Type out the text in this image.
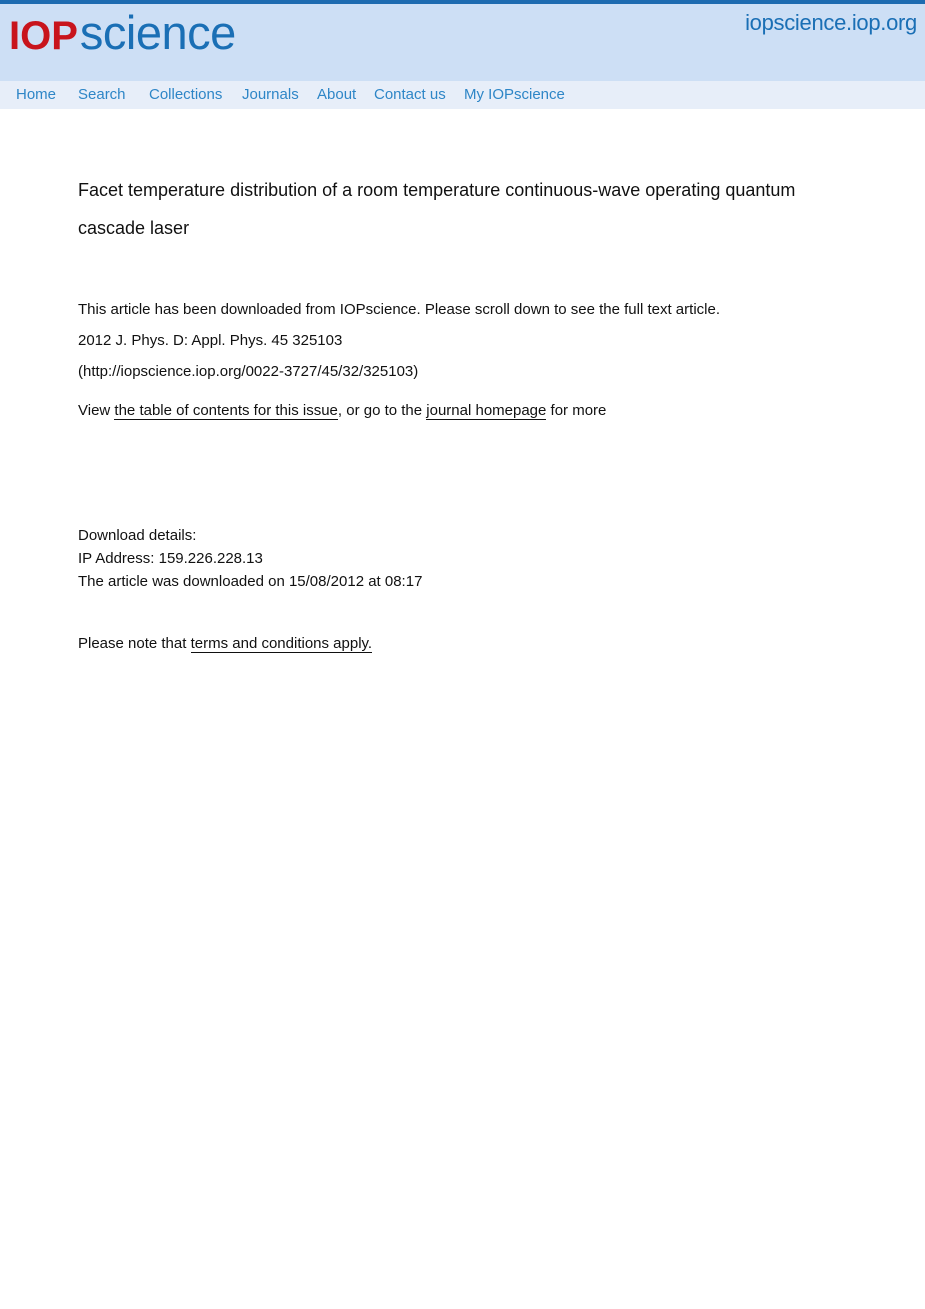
IOPscience	iopscience.iop.org
Home Search Collections Journals About Contact us My IOPscience
Facet temperature distribution of a room temperature continuous-wave operating quantum cascade laser
This article has been downloaded from IOPscience. Please scroll down to see the full text article.
2012 J. Phys. D: Appl. Phys. 45 325103
(http://iopscience.iop.org/0022-3727/45/32/325103)
View the table of contents for this issue, or go to the journal homepage for more
Download details:
IP Address: 159.226.228.13
The article was downloaded on 15/08/2012 at 08:17
Please note that terms and conditions apply.
